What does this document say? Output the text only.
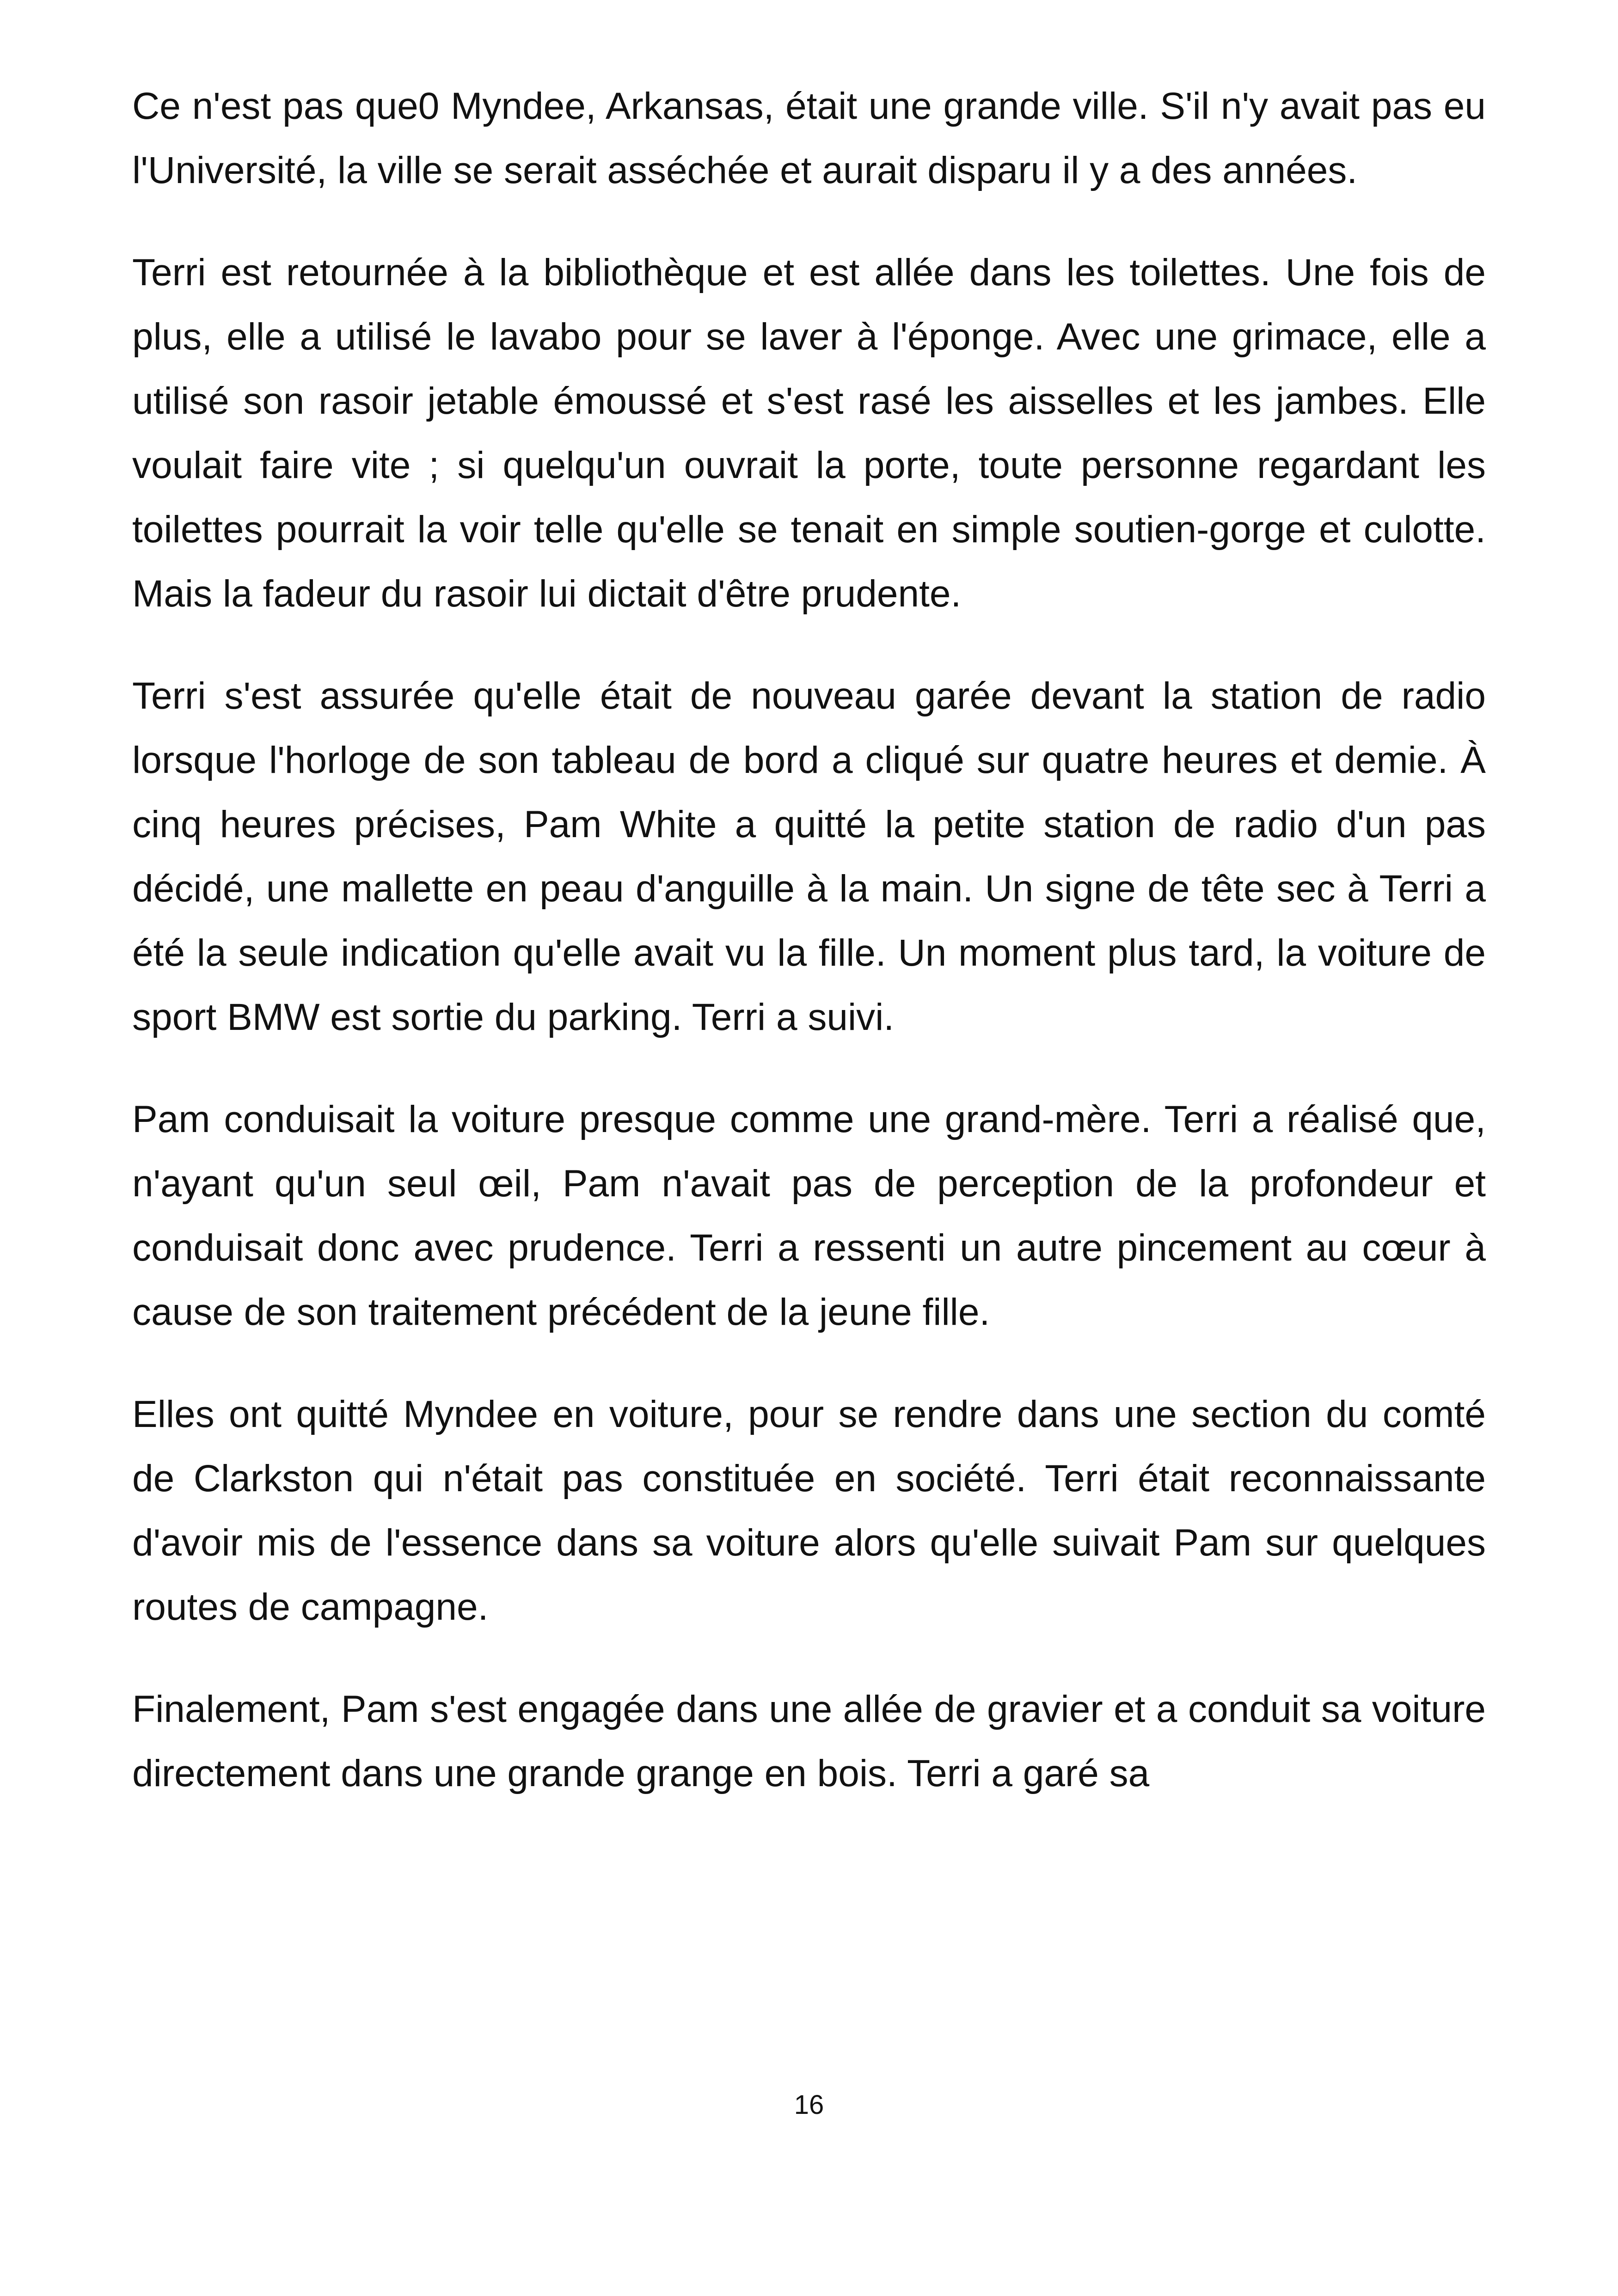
Ce n'est pas que0 Myndee, Arkansas, était une grande ville. S'il n'y avait pas eu l'Université, la ville se serait asséchée et aurait disparu il y a des années.

Terri est retournée à la bibliothèque et est allée dans les toilettes. Une fois de plus, elle a utilisé le lavabo pour se laver à l'éponge. Avec une grimace, elle a utilisé son rasoir jetable émoussé et s'est rasé les aisselles et les jambes. Elle voulait faire vite ; si quelqu'un ouvrait la porte, toute personne regardant les toilettes pourrait la voir telle qu'elle se tenait en simple soutien-gorge et culotte. Mais la fadeur du rasoir lui dictait d'être prudente.

Terri s'est assurée qu'elle était de nouveau garée devant la station de radio lorsque l'horloge de son tableau de bord a cliqué sur quatre heures et demie. À cinq heures précises, Pam White a quitté la petite station de radio d'un pas décidé, une mallette en peau d'anguille à la main. Un signe de tête sec à Terri a été la seule indication qu'elle avait vu la fille. Un moment plus tard, la voiture de sport BMW est sortie du parking. Terri a suivi.

Pam conduisait la voiture presque comme une grand-mère. Terri a réalisé que, n'ayant qu'un seul œil, Pam n'avait pas de perception de la profondeur et conduisait donc avec prudence. Terri a ressenti un autre pincement au cœur à cause de son traitement précédent de la jeune fille.

Elles ont quitté Myndee en voiture, pour se rendre dans une section du comté de Clarkston qui n'était pas constituée en société. Terri était reconnaissante d'avoir mis de l'essence dans sa voiture alors qu'elle suivait Pam sur quelques routes de campagne.

Finalement, Pam s'est engagée dans une allée de gravier et a conduit sa voiture directement dans une grande grange en bois. Terri a garé sa

16
